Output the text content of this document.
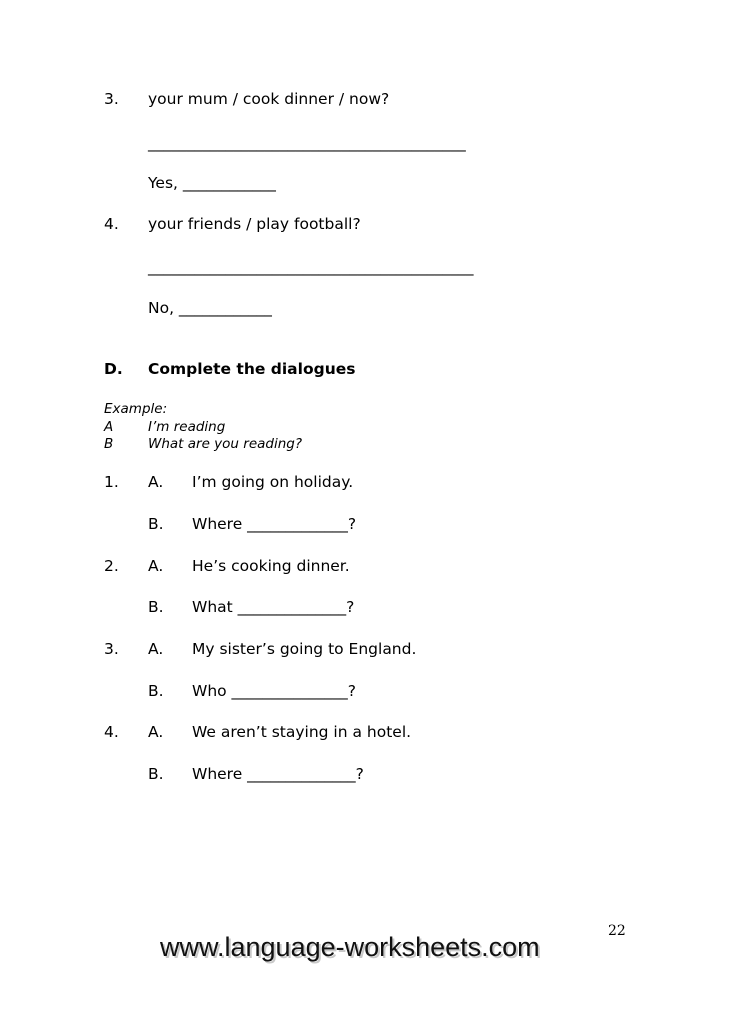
3. your mum / cook dinner / now?
_________________________________________
Yes, ____________
4. your friends / play football?
__________________________________________
No, ____________
D. Complete the dialogues
Example:
A	I’m reading
B	What are you reading?
1. A. I’m going on holiday.
B. Where _____________?
2. A. He’s cooking dinner.
B. What ______________?
3. A. My sister’s going to England.
B. Who _______________?
4. A. We aren’t staying in a hotel.
B. Where ______________?
22
www.language-worksheets.com
